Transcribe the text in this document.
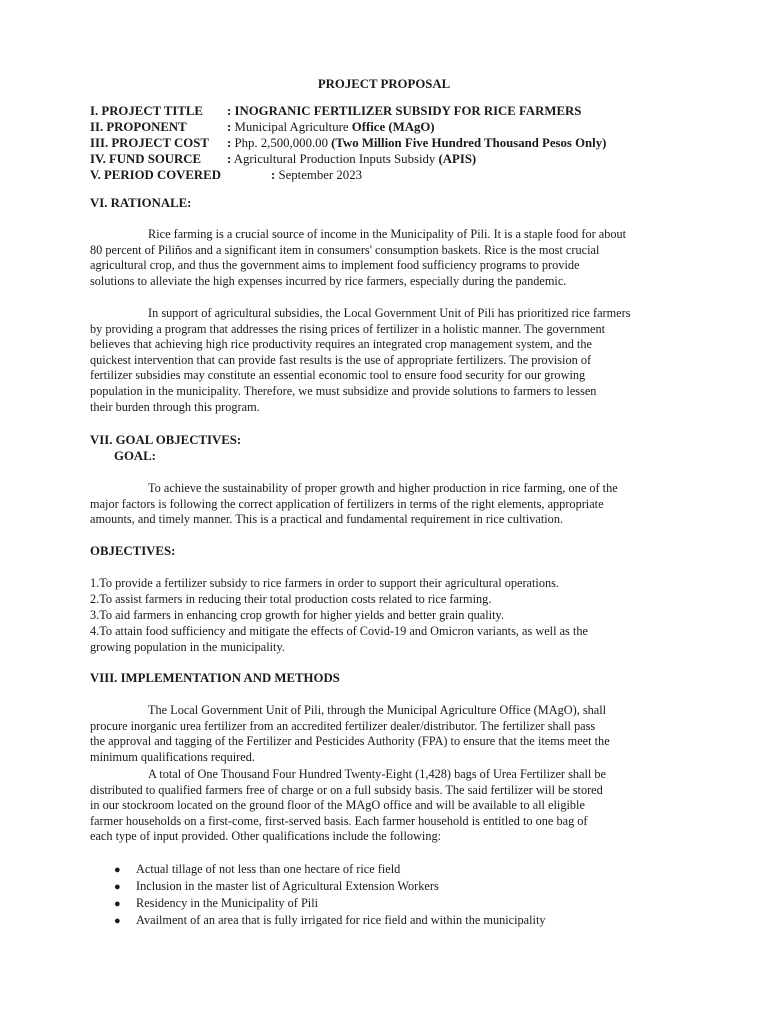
PROJECT PROPOSAL
I. PROJECT TITLE : INOGRANIC FERTILIZER SUBSIDY FOR RICE FARMERS
II. PROPONENT	: Municipal Agriculture Office (MAgO)
III. PROJECT COST : Php. 2,500,000.00 (Two Million Five Hundred Thousand Pesos Only)
IV. FUND SOURCE : Agricultural Production Inputs Subsidy (APIS)
V. PERIOD COVERED	: September 2023
VI. RATIONALE:
Rice farming is a crucial source of income in the Municipality of Pili. It is a staple food for about
80 percent of Piliños and a significant item in consumers' consumption baskets. Rice is the most crucial
agricultural crop, and thus the government aims to implement food sufficiency programs to provide
solutions to alleviate the high expenses incurred by rice farmers, especially during the pandemic.
In support of agricultural subsidies, the Local Government Unit of Pili has prioritized rice farmers
by providing a program that addresses the rising prices of fertilizer in a holistic manner. The government
believes that achieving high rice productivity requires an integrated crop management system, and the
quickest intervention that can provide fast results is the use of appropriate fertilizers. The provision of
fertilizer subsidies may constitute an essential economic tool to ensure food security for our growing
population in the municipality. Therefore, we must subsidize and provide solutions to farmers to lessen
their burden through this program.
VII. GOAL OBJECTIVES:
GOAL:
To achieve the sustainability of proper growth and higher production in rice farming, one of the
major factors is following the correct application of fertilizers in terms of the right elements, appropriate
amounts, and timely manner. This is a practical and fundamental requirement in rice cultivation.
OBJECTIVES:
1.To provide a fertilizer subsidy to rice farmers in order to support their agricultural operations.
2.To assist farmers in reducing their total production costs related to rice farming.
3.To aid farmers in enhancing crop growth for higher yields and better grain quality.
4.To attain food sufficiency and mitigate the effects of Covid-19 and Omicron variants, as well as the
growing population in the municipality.
VIII. IMPLEMENTATION AND METHODS
The Local Government Unit of Pili, through the Municipal Agriculture Office (MAgO), shall
procure inorganic urea fertilizer from an accredited fertilizer dealer/distributor. The fertilizer shall pass
the approval and tagging of the Fertilizer and Pesticides Authority (FPA) to ensure that the items meet the
minimum qualifications required.
A total of One Thousand Four Hundred Twenty-Eight (1,428) bags of Urea Fertilizer shall be
distributed to qualified farmers free of charge or on a full subsidy basis. The said fertilizer will be stored
in our stockroom located on the ground floor of the MAgO office and will be available to all eligible
farmer households on a first-come, first-served basis. Each farmer household is entitled to one bag of
each type of input provided. Other qualifications include the following:
● Actual tillage of not less than one hectare of rice field
● Inclusion in the master list of Agricultural Extension Workers
● Residency in the Municipality of Pili
● Availment of an area that is fully irrigated for rice field and within the municipality
